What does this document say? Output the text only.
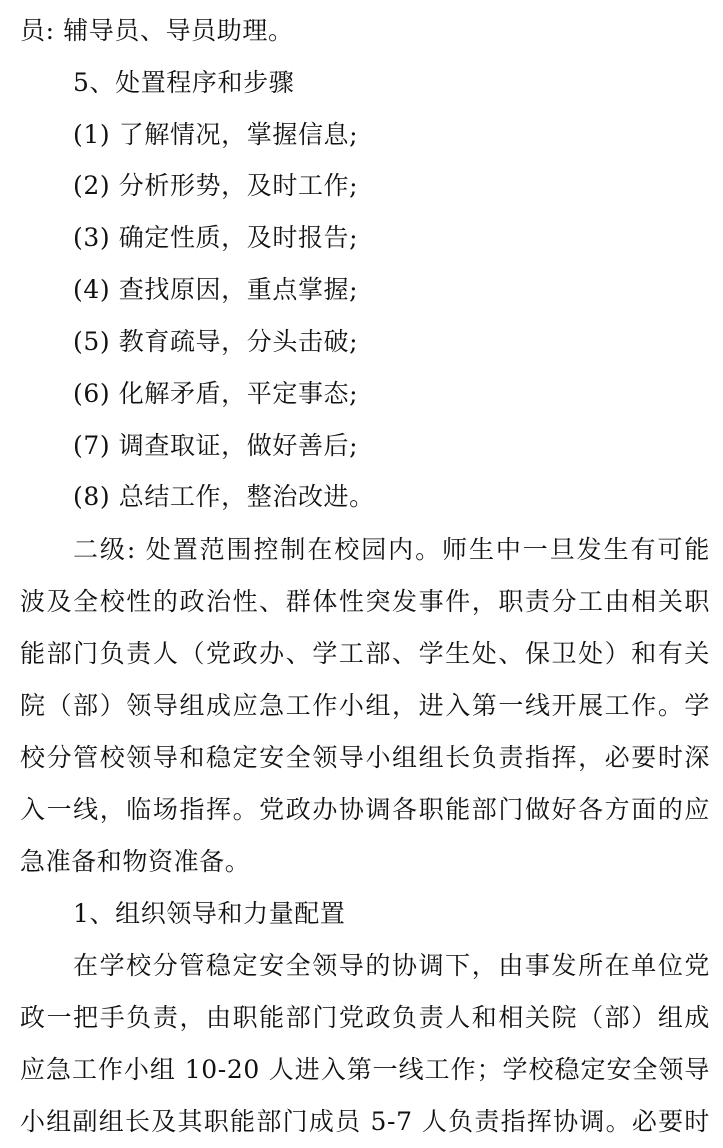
员: 辅导员、导员助理。
5、处置程序和步骤
(1) 了解情况，掌握信息;
(2) 分析形势，及时工作;
(3) 确定性质，及时报告;
(4) 查找原因，重点掌握;
(5) 教育疏导，分头击破;
(6) 化解矛盾，平定事态;
(7) 调查取证，做好善后;
(8) 总结工作，整治改进。
二级: 处置范围控制在校园内。师生中一旦发生有可能
波及全校性的政治性、群体性突发事件，职责分工由相关职
能部门负责人（党政办、学工部、学生处、保卫处）和有关
院（部）领导组成应急工作小组，进入第一线开展工作。学
校分管校领导和稳定安全领导小组组长负责指挥，必要时深
入一线，临场指挥。党政办协调各职能部门做好各方面的应
急准备和物资准备。
1、组织领导和力量配置
在学校分管稳定安全领导的协调下，由事发所在单位党
政一把手负责，由职能部门党政负责人和相关院（部）组成
应急工作小组 10-20 人进入第一线工作；学校稳定安全领导
小组副组长及其职能部门成员 5-7 人负责指挥协调。必要时
